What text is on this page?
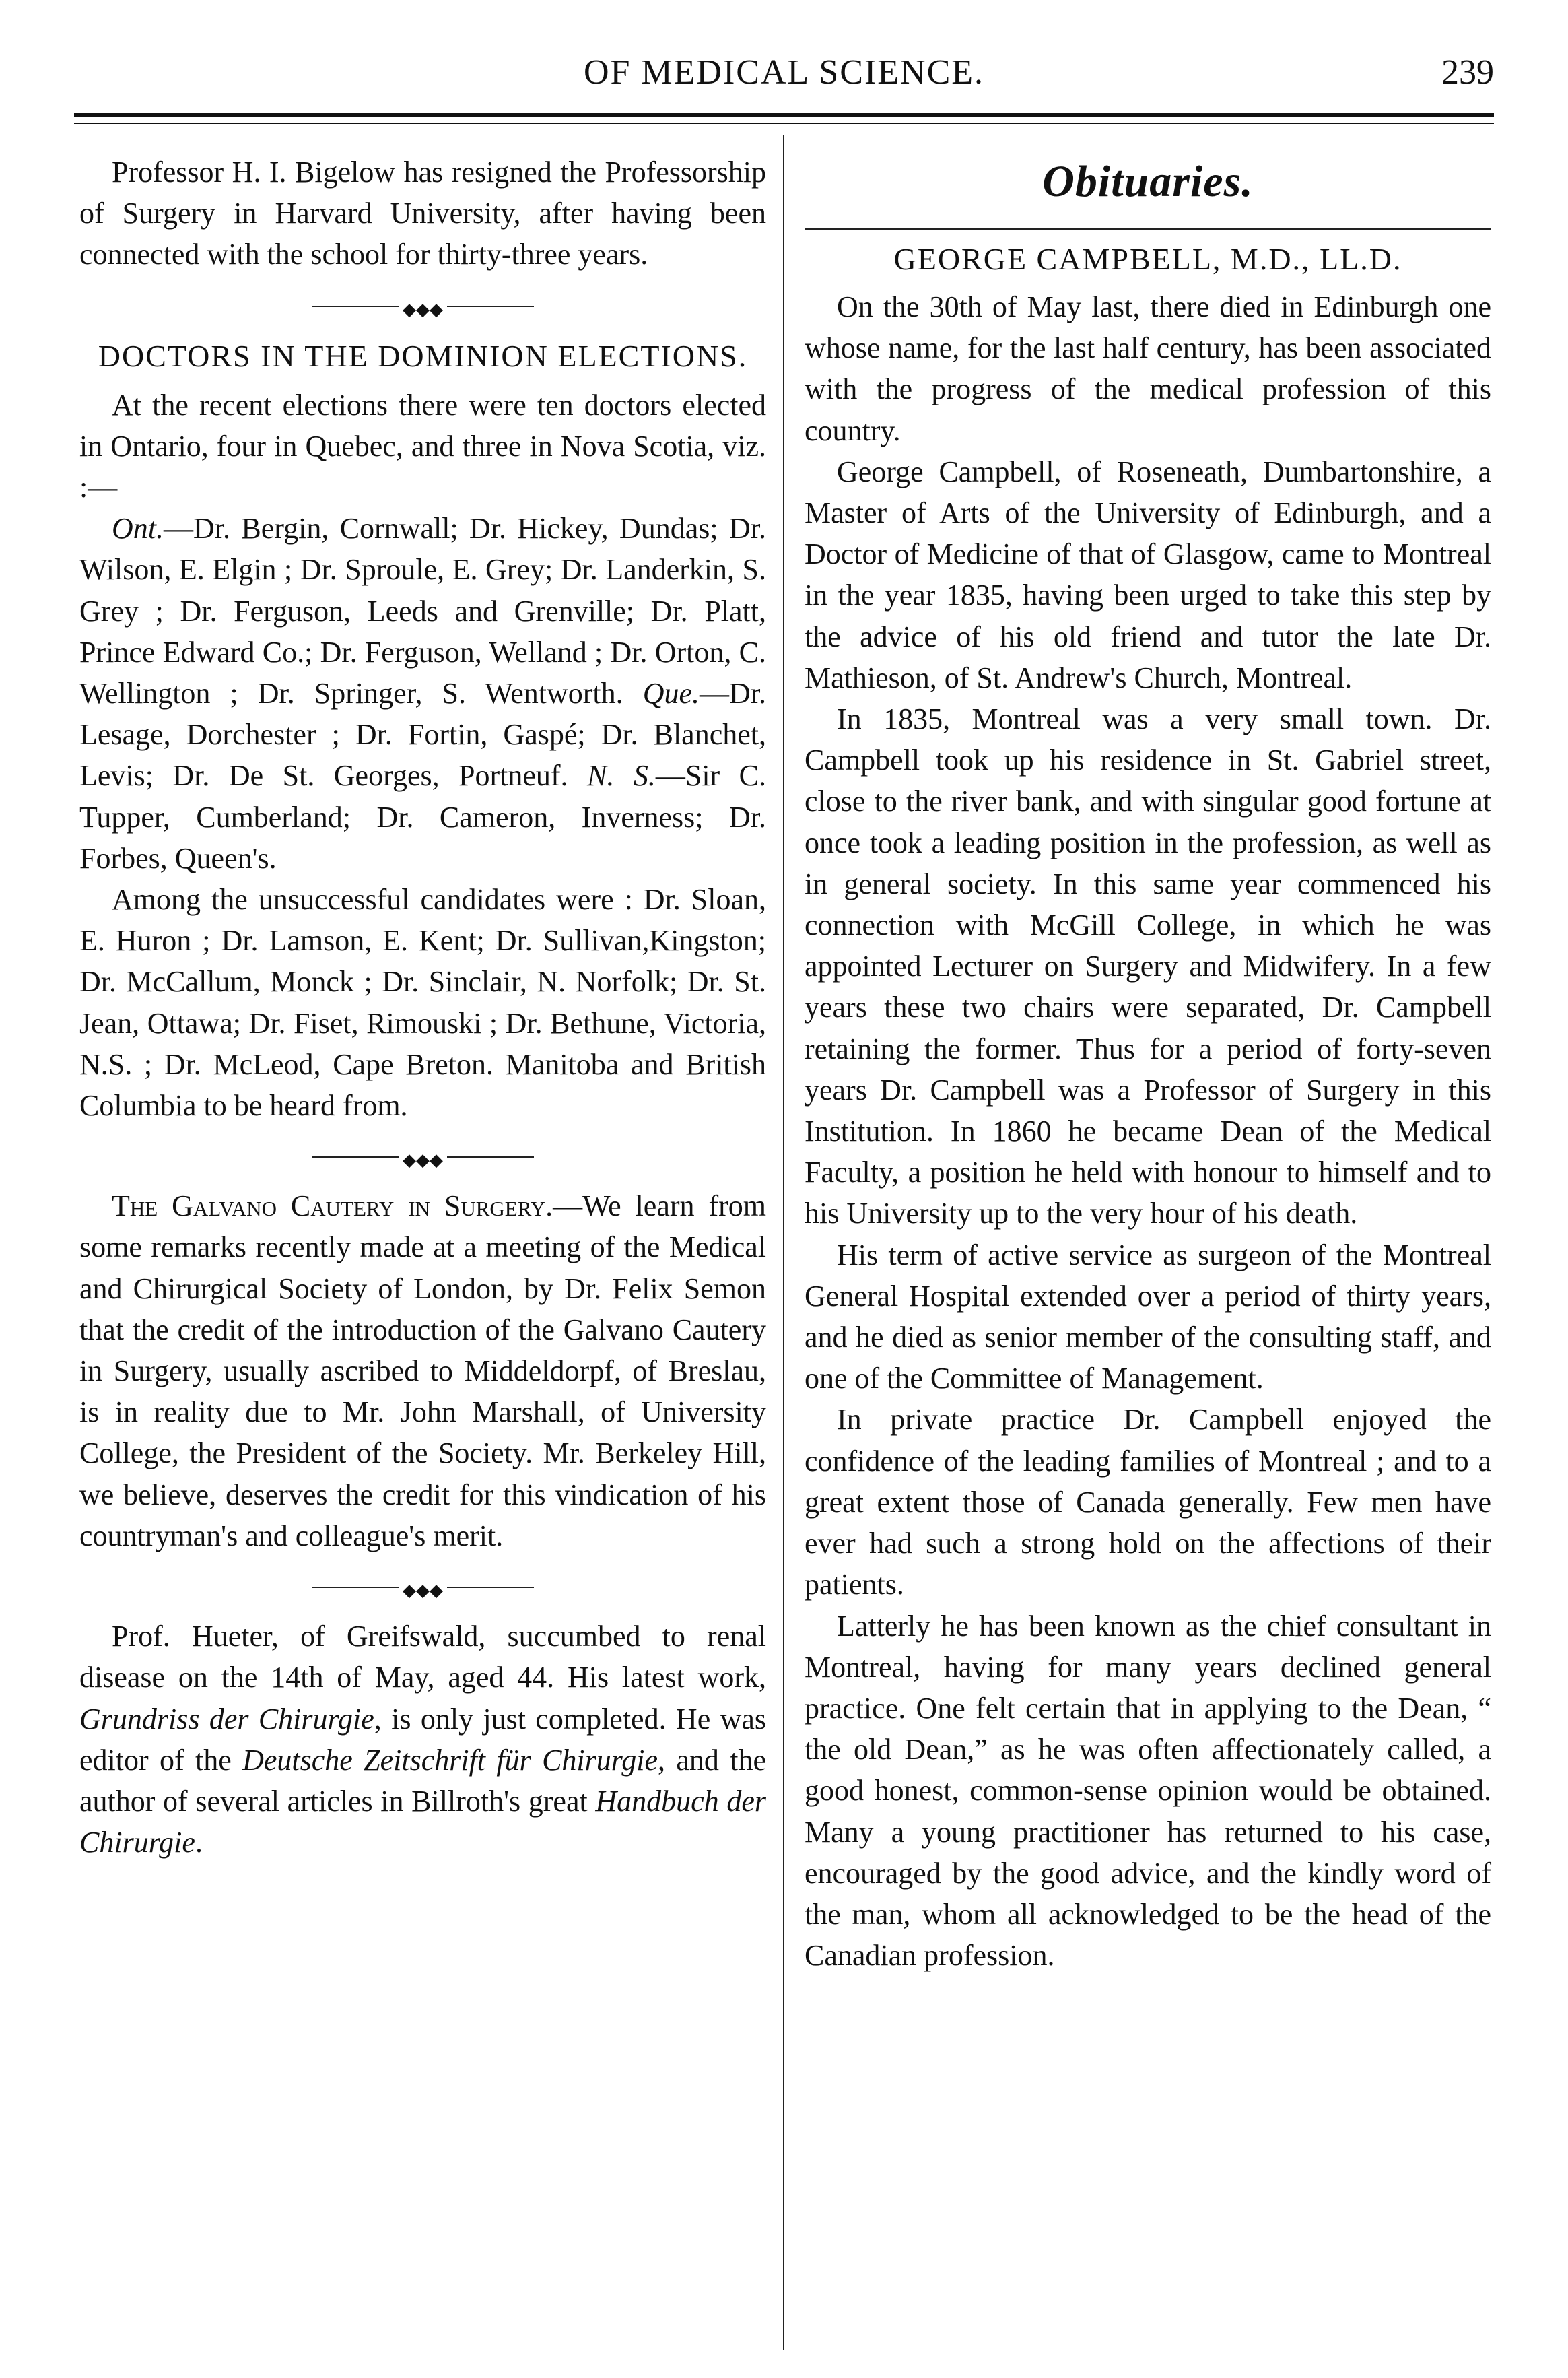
OF MEDICAL SCIENCE.	239

Professor H. I. Bigelow has resigned the Professorship of Surgery in Harvard University, after having been connected with the school for thirty-three years.

◆◆◆
DOCTORS IN THE DOMINION ELECTIONS.

At the recent elections there were ten doctors elected in Ontario, four in Quebec, and three in Nova Scotia, viz. :—

Ont.—Dr. Bergin, Cornwall; Dr. Hickey, Dundas; Dr. Wilson, E. Elgin ; Dr. Sproule, E. Grey; Dr. Landerkin, S. Grey ; Dr. Ferguson, Leeds and Grenville; Dr. Platt, Prince Edward Co.; Dr. Ferguson, Welland ; Dr. Orton, C. Wellington ; Dr. Springer, S. Wentworth. Que.—Dr. Lesage, Dorchester ; Dr. Fortin, Gaspé; Dr. Blanchet, Levis; Dr. De St. Georges, Portneuf. N. S.—Sir C. Tupper, Cumberland; Dr. Cameron, Inverness; Dr. Forbes, Queen's.

Among the unsuccessful candidates were : Dr. Sloan, E. Huron ; Dr. Lamson, E. Kent; Dr. Sullivan,Kingston; Dr. McCallum, Monck ; Dr. Sinclair, N. Norfolk; Dr. St. Jean, Ottawa; Dr. Fiset, Rimouski ; Dr. Bethune, Victoria, N.S. ; Dr. McLeod, Cape Breton. Manitoba and British Columbia to be heard from.

◆◆◆

The Galvano Cautery in Surgery.—We learn from some remarks recently made at a meeting of the Medical and Chirurgical Society of London, by Dr. Felix Semon that the credit of the introduction of the Galvano Cautery in Surgery, usually ascribed to Middeldorpf, of Breslau, is in reality due to Mr. John Marshall, of University College, the President of the Society. Mr. Berkeley Hill, we believe, deserves the credit for this vindication of his countryman's and colleague's merit.

◆◆◆

Prof. Hueter, of Greifswald, succumbed to renal disease on the 14th of May, aged 44. His latest work, Grundriss der Chirurgie, is only just completed. He was editor of the Deutsche Zeitschrift für Chirurgie, and the author of several articles in Billroth's great Handbuch der Chirurgie.

Obituaries.
GEORGE CAMPBELL, M.D., LL.D.

On the 30th of May last, there died in Edinburgh one whose name, for the last half century, has been associated with the progress of the medical profession of this country.

George Campbell, of Roseneath, Dumbartonshire, a Master of Arts of the University of Edinburgh, and a Doctor of Medicine of that of Glasgow, came to Montreal in the year 1835, having been urged to take this step by the advice of his old friend and tutor the late Dr. Mathieson, of St. Andrew's Church, Montreal.

In 1835, Montreal was a very small town. Dr. Campbell took up his residence in St. Gabriel street, close to the river bank, and with singular good fortune at once took a leading position in the profession, as well as in general society. In this same year commenced his connection with McGill College, in which he was appointed Lecturer on Surgery and Midwifery. In a few years these two chairs were separated, Dr. Campbell retaining the former. Thus for a period of forty-seven years Dr. Campbell was a Professor of Surgery in this Institution. In 1860 he became Dean of the Medical Faculty, a position he held with honour to himself and to his University up to the very hour of his death.

His term of active service as surgeon of the Montreal General Hospital extended over a period of thirty years, and he died as senior member of the consulting staff, and one of the Committee of Management.

In private practice Dr. Campbell enjoyed the confidence of the leading families of Montreal ; and to a great extent those of Canada generally. Few men have ever had such a strong hold on the affections of their patients.

Latterly he has been known as the chief consultant in Montreal, having for many years declined general practice. One felt certain that in applying to the Dean, “ the old Dean,” as he was often affectionately called, a good honest, common-sense opinion would be obtained. Many a young practitioner has returned to his case, encouraged by the good advice, and the kindly word of the man, whom all acknowledged to be the head of the Canadian profession.
